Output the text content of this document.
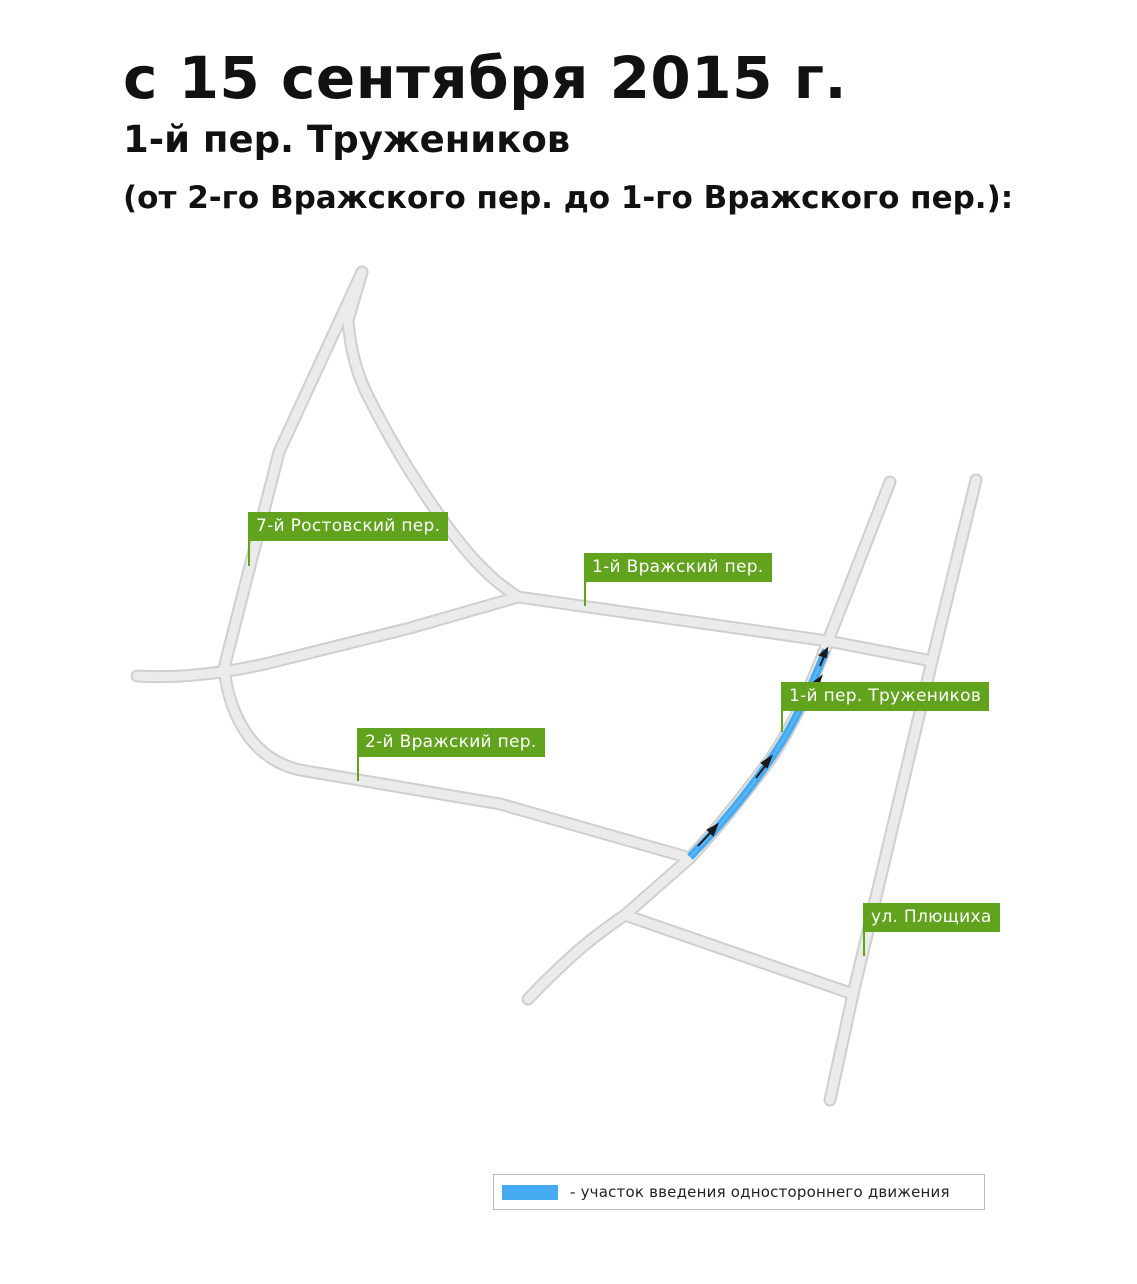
с 15 сентября 2015 г.
1-й пер. Тружеников
(от 2-го Вражского пер. до 1-го Вражского пер.):
7-й Ростовский пер.
1-й Вражский пер.
1-й пер. Тружеников
2-й Вражский пер.
ул. Плющиха
- участок введения одностороннего движения
